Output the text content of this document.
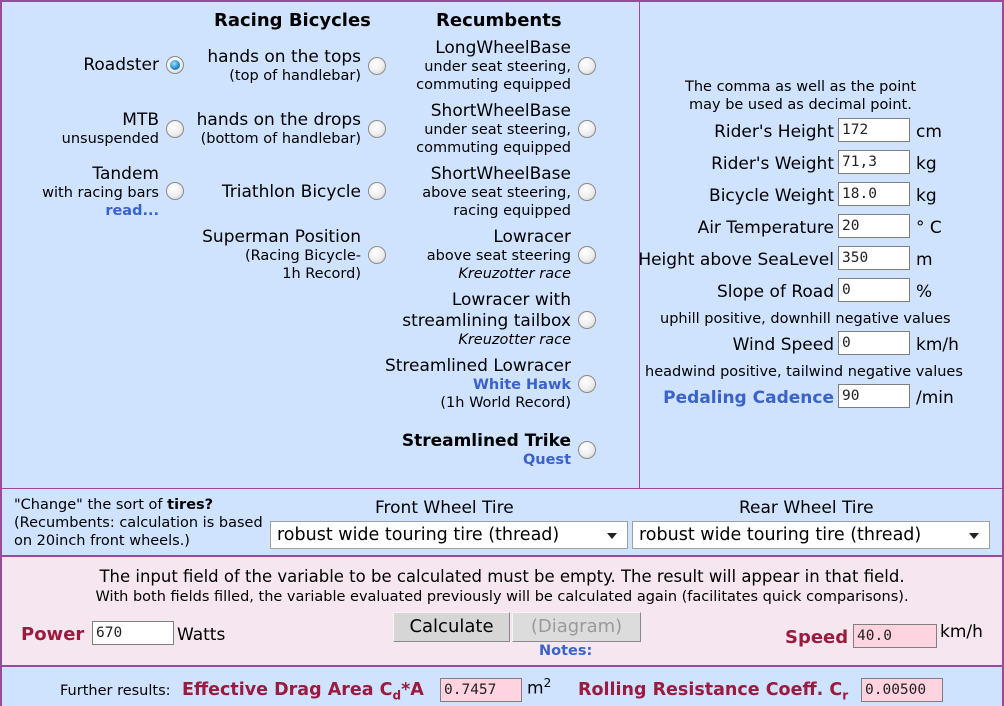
Racing Bicycles	Recumbents
Roadster
MTB
unsuspended
Tandem
with racing bars
read...
hands on the tops
(top of handlebar)
hands on the drops
(bottom of handlebar)
Triathlon Bicycle
Superman Position
(Racing Bicycle-
1h Record)
LongWheelBase
under seat steering,
commuting equipped
ShortWheelBase
under seat steering,
commuting equipped
ShortWheelBase
above seat steering,
racing equipped
Lowracer
above seat steering
Kreuzotter race
Lowracer with
streamlining tailbox
Kreuzotter race
Streamlined Lowracer
White Hawk
(1h World Record)
Streamlined Trike
Quest
The comma as well as the point
may be used as decimal point.
Rider's Height 172	cm
Rider's Weight 71,3	kg
Bicycle Weight 18.0	kg
Air Temperature 20	° C
Height above SeaLevel 350	m
Slope of Road 0	%
uphill positive, downhill negative values
Wind Speed 0	km/h
headwind positive, tailwind negative values
Pedaling Cadence 90	/min
"Change" the sort of tires?
(Recumbents: calculation is based
on 20inch front wheels.)
Front Wheel Tire	Rear Wheel Tire
robust wide touring tire (thread)	robust wide touring tire (thread)
The input field of the variable to be calculated must be empty. The result will appear in that field.
With both fields filled, the variable evaluated previously will be calculated again (facilitates quick comparisons).
Power 670	Watts	Calculate	(Diagram)
Notes:
Speed 40.0	km/h
Further results: Effective Drag Area $C_d*A$ 0.7457	$m^2$ Rolling Resistance Coeff. $C_r$ 0.00500
